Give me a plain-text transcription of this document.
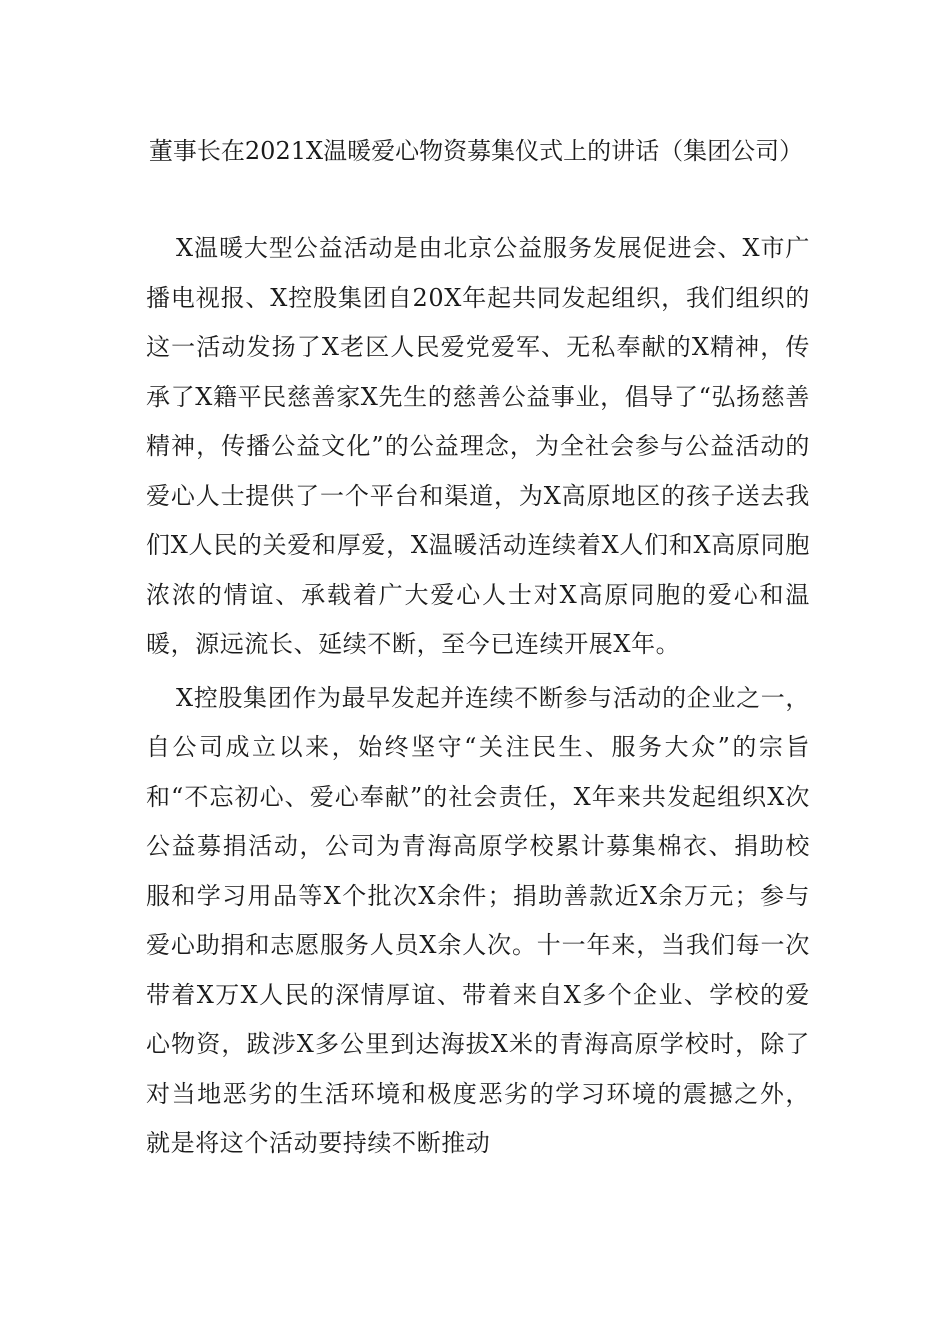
董事长在2021X温暖爱心物资募集仪式上的讲话（集团公司）

X温暖大型公益活动是由北京公益服务发展促进会、X市广播电视报、X控股集团自20X年起共同发起组织，我们组织的这一活动发扬了X老区人民爱党爱军、无私奉献的X精神，传承了X籍平民慈善家X先生的慈善公益事业，倡导了“弘扬慈善精神，传播公益文化”的公益理念，为全社会参与公益活动的爱心人士提供了一个平台和渠道，为X高原地区的孩子送去我们X人民的关爱和厚爱，X温暖活动连续着X人们和X高原同胞浓浓的情谊、承载着广大爱心人士对X高原同胞的爱心和温暖，源远流长、延续不断，至今已连续开展X年。

X控股集团作为最早发起并连续不断参与活动的企业之一，自公司成立以来，始终坚守“关注民生、服务大众”的宗旨和“不忘初心、爱心奉献”的社会责任，X年来共发起组织X次公益募捐活动，公司为青海高原学校累计募集棉衣、捐助校服和学习用品等X个批次X余件；捐助善款近X余万元；参与爱心助捐和志愿服务人员X余人次。十一年来，当我们每一次带着X万X人民的深情厚谊、带着来自X多个企业、学校的爱心物资，跋涉X多公里到达海拔X米的青海高原学校时，除了对当地恶劣的生活环境和极度恶劣的学习环境的震撼之外，就是将这个活动要持续不断推动
